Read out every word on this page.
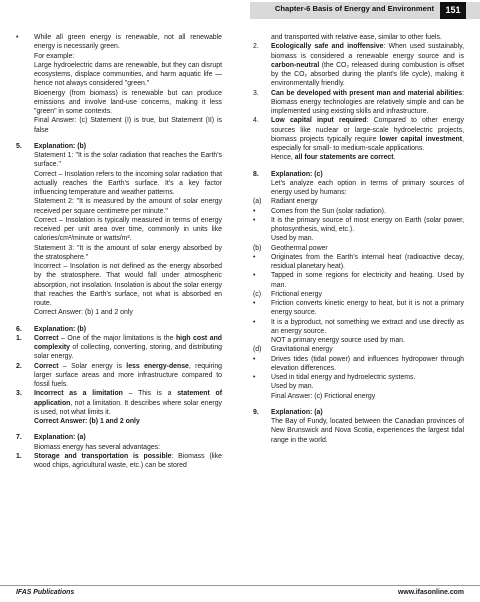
Chapter-6 Basis of Energy and Environment	151
•	While all green energy is renewable, not all renewable energy is necessarily green.

For example:

Large hydroelectric dams are renewable, but they can disrupt ecosystems, displace communities, and harm aquatic life — hence not always considered "green."

Bioenergy (from biomass) is renewable but can produce emissions and involve land-use concerns, making it less "green" in some contexts.

Final Answer: (c) Statement (I) is true, but Statement (II) is false

5.	Explanation: (b)

Statement 1: "It is the solar radiation that reaches the Earth's surface."

Correct – Insolation refers to the incoming solar radiation that actually reaches the Earth's surface. It's a key factor influencing temperature and weather patterns.

Statement 2: "It is measured by the amount of solar energy received per square centimetre per minute."

Correct – Insolation is typically measured in terms of energy received per unit area over time, commonly in units like calories/cm²/minute or watts/m².

Statement 3: "It is the amount of solar energy absorbed by the stratosphere."

Incorrect – Insolation is not defined as the energy absorbed by the stratosphere. That would fall under atmospheric absorption, not insolation. Insolation is about the solar energy that reaches the Earth's surface, not what is absorbed en route.

Correct Answer: (b) 1 and 2 only

6.	Explanation: (b)
1.	Correct – One of the major limitations is the high cost and complexity of collecting, converting, storing, and distributing solar energy.
2.	Correct – Solar energy is less energy-dense, requiring larger surface areas and more infrastructure compared to fossil fuels.
3.	Incorrect as a limitation – This is a statement of application, not a limitation. It describes where solar energy is used, not what limits it.

Correct Answer: (b) 1 and 2 only

7.	Explanation: (a)

Biomass energy has several advantages:

1.	Storage and transportation is possible: Biomass (like wood chips, agricultural waste, etc.) can be stored

and transported with relative ease, similar to other fuels.

2.	Ecologically safe and inoffensive: When used sustainably, biomass is considered a renewable energy source and is carbon-neutral (the CO₂ released during combustion is offset by the CO₂ absorbed during the plant's life cycle), making it environmentally friendly.
3.	Can be developed with present man and material abilities: Biomass energy technologies are relatively simple and can be implemented using existing skills and infrastructure.
4.	Low capital input required: Compared to other energy sources like nuclear or large-scale hydroelectric projects, biomass projects typically require lower capital investment, especially for small- to medium-scale applications.

Hence, all four statements are correct.

8.	Explanation: (c)

Let's analyze each option in terms of primary sources of energy used by humans:

(a)	Radiant energy
•	Comes from the Sun (solar radiation).
•	It is the primary source of most energy on Earth (solar power, photosynthesis, wind, etc.).

Used by man.

(b)	Geothermal power
•	Originates from the Earth's internal heat (radioactive decay, residual planetary heat).
•	Tapped in some regions for electricity and heating. Used by man.
(c)	Frictional energy
•	Friction converts kinetic energy to heat, but it is not a primary energy source.
•	It is a byproduct, not something we extract and use directly as an energy source.

NOT a primary energy source used by man.

(d)	Gravitational energy
•	Drives tides (tidal power) and influences hydropower through elevation differences.
•	Used in tidal energy and hydroelectric systems.

Used by man.

Final Answer: (c) Frictional energy

9.	Explanation: (a)

The Bay of Fundy, located between the Canadian provinces of New Brunswick and Nova Scotia, experiences the largest tidal range in the world.

IFAS Publications	www.ifasonline.com
